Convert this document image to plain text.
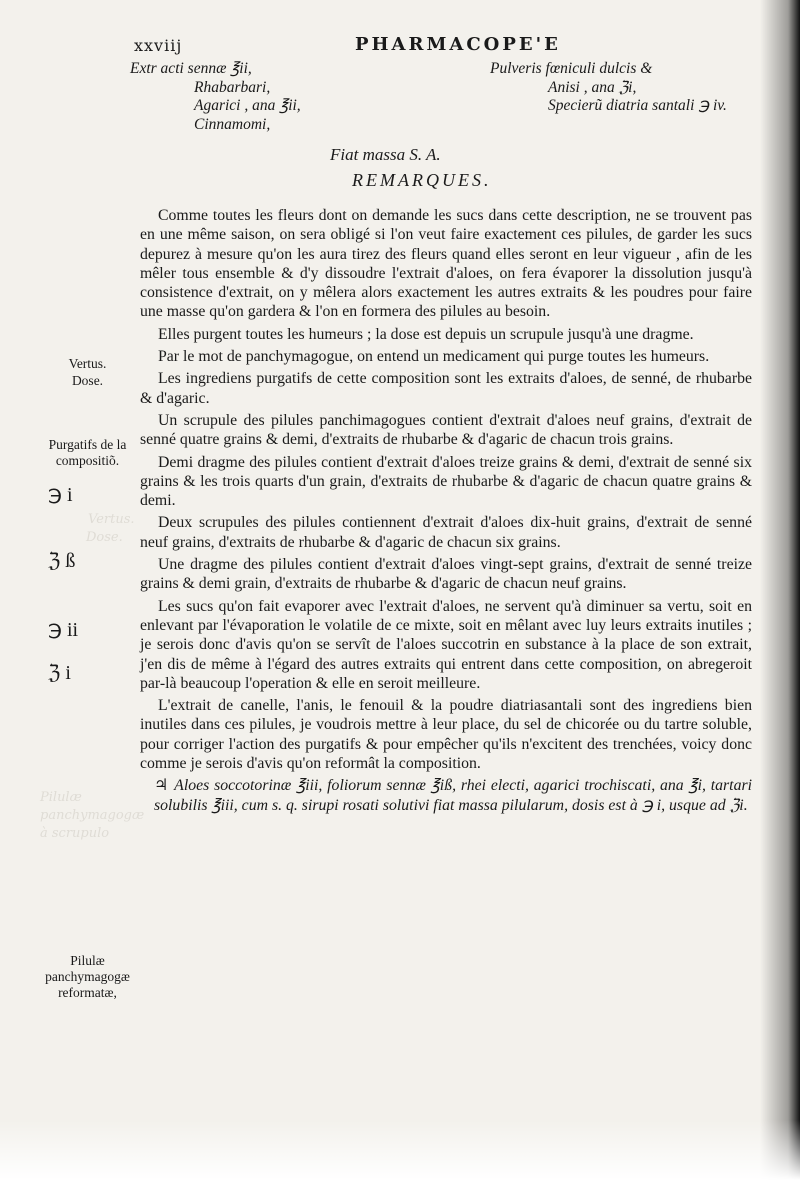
Vertus.
Dose.
Pilulæ
panchymagogæ
à scrupulo
xxviij	PHARMACOPE'E
Extr acti sennæ ℥ii,
Rhabarbari,
Agarici , ana ℥ii,
Cinnamomi,
Pulveris fœniculi dulcis &
Anisi , ana ℨi,
Specierũ diatria santali ℈ iv.
Fiat massa S. A.
REMARQUES.

Comme toutes les fleurs dont on demande les sucs dans cette description, ne se trouvent pas en une même saison, on sera obligé si l'on veut faire exactement ces pilules, de garder les sucs depurez à mesure qu'on les aura tirez des fleurs quand elles seront en leur vigueur , afin de les mêler tous ensemble & d'y dissoudre l'extrait d'aloes, on fera évaporer la dissolution jusqu'à consistence d'extrait, on y mêlera alors exactement les autres extraits & les poudres pour faire une masse qu'on gardera & l'on en formera des pilules au besoin.

Elles purgent toutes les humeurs ; la dose est depuis un scrupule jusqu'à une dragme.

Par le mot de panchymagogue, on entend un medicament qui purge toutes les humeurs.

Les ingrediens purgatifs de cette composition sont les extraits d'aloes, de senné, de rhubarbe & d'agaric.

Un scrupule des pilules panchimagogues contient d'extrait d'aloes neuf grains, d'extrait de senné quatre grains & demi, d'extraits de rhubarbe & d'agaric de chacun trois grains.

Demi dragme des pilules contient d'extrait d'aloes treize grains & demi, d'extrait de senné six grains & les trois quarts d'un grain, d'extraits de rhubarbe & d'agaric de chacun quatre grains & demi.

Deux scrupules des pilules contiennent d'extrait d'aloes dix-huit grains, d'extrait de senné neuf grains, d'extraits de rhubarbe & d'agaric de chacun six grains.

Une dragme des pilules contient d'extrait d'aloes vingt-sept grains, d'extrait de senné treize grains & demi grain, d'extraits de rhubarbe & d'agaric de chacun neuf grains.

Les sucs qu'on fait evaporer avec l'extrait d'aloes, ne servent qu'à diminuer sa vertu, soit en enlevant par l'évaporation le volatile de ce mixte, soit en mêlant avec luy leurs extraits inutiles ; je serois donc d'avis qu'on se servît de l'aloes succotrin en substance à la place de son extrait, j'en dis de même à l'égard des autres extraits qui entrent dans cette composition, on abregeroit par-là beaucoup l'operation & elle en seroit meilleure.

L'extrait de canelle, l'anis, le fenouil & la poudre diatriasantali sont des ingrediens bien inutiles dans ces pilules, je voudrois mettre à leur place, du sel de chicorée ou du tartre soluble, pour corriger l'action des purgatifs & pour empêcher qu'ils n'excitent des trenchées, voicy donc comme je serois d'avis qu'on reformât la composition.

♃ Aloes soccotorinæ ℥iii, foliorum sennæ ℥iß, rhei electi, agarici trochiscati, ana ℥i, tartari solubilis ℥iii, cum s. q. sirupi rosati solutivi fiat massa pilularum, dosis est à ℈ i, usque ad ℨi.

Vertus.
Dose.
Purgatifs de la compositiõ.
Pilulæ panchymagogæ reformatæ,
℈ i
ℨ ß
℈ ii
ℨ i
